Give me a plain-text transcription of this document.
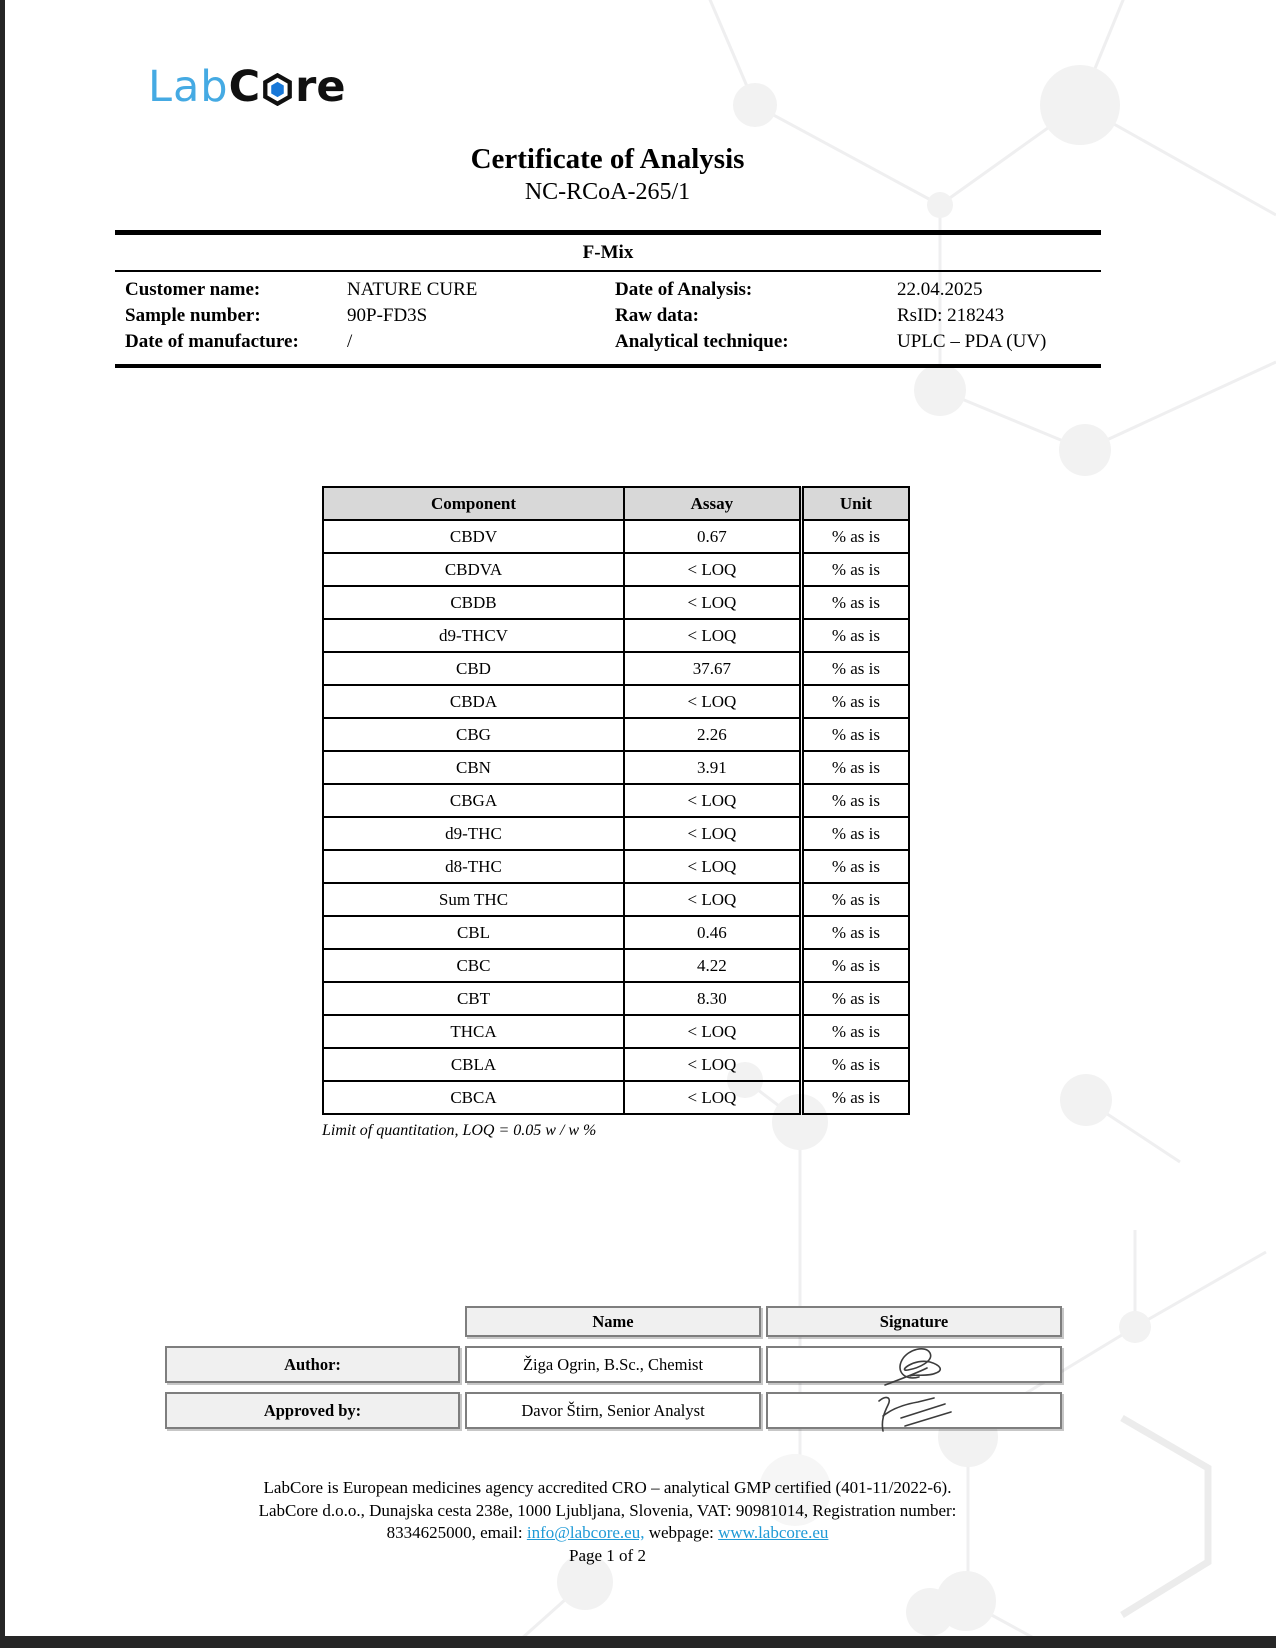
Lab C re
Certificate of Analysis
NC-RCoA-265/1
F-Mix
Customer name:	NATURE CURE	Date of Analysis:	22.04.2025
Sample number:	90P-FD3S	Raw data:	RsID: 218243
Date of manufacture:	/	Analytical technique:	UPLC – PDA (UV)
Component	Assay	Unit
CBDV	0.67	% as is
CBDVA	< LOQ	% as is
CBDB	< LOQ	% as is
d9-THCV	< LOQ	% as is
CBD	37.67	% as is
CBDA	< LOQ	% as is
CBG	2.26	% as is
CBN	3.91	% as is
CBGA	< LOQ	% as is
d9-THC	< LOQ	% as is
d8-THC	< LOQ	% as is
Sum THC	< LOQ	% as is
CBL	0.46	% as is
CBC	4.22	% as is
CBT	8.30	% as is
THCA	< LOQ	% as is
CBLA	< LOQ	% as is
CBCA	< LOQ	% as is
Limit of quantitation, LOQ = 0.05 w / w %
Name	Signature
Author:	Žiga Ogrin, B.Sc., Chemist
Approved by:	Davor Štirn, Senior Analyst
LabCore is European medicines agency accredited CRO – analytical GMP certified (401-11/2022-6).
LabCore d.o.o., Dunajska cesta 238e, 1000 Ljubljana, Slovenia, VAT: 90981014, Registration number:
8334625000, email: info@labcore.eu, webpage: www.labcore.eu
Page 1 of 2
